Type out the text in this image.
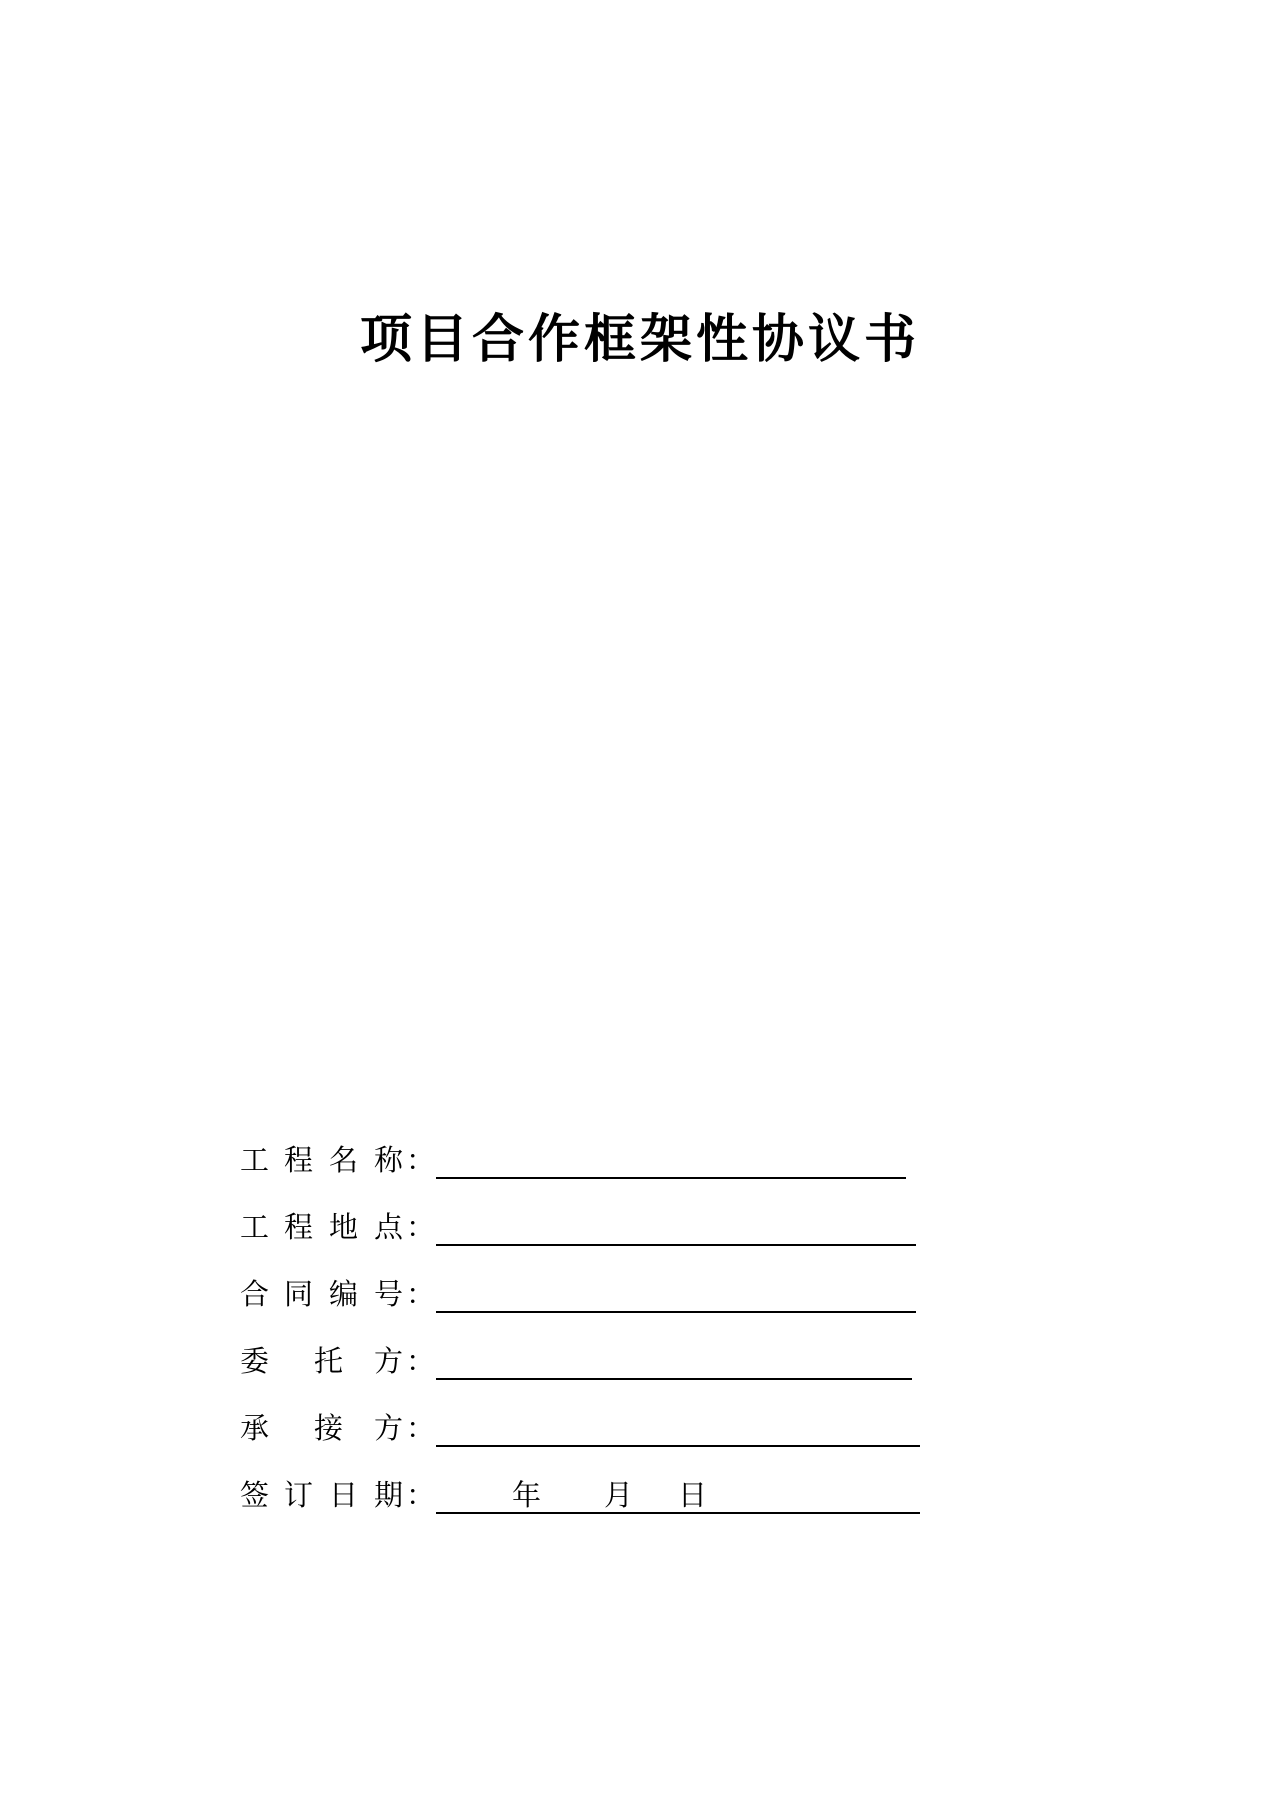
项目合作框架性协议书
工 程 名 称 ：
工 程 地 点 ：
合 同 编 号 ：
委 托 方 ：
承 接 方 ：
签 订 日 期 ：	年 月 日
